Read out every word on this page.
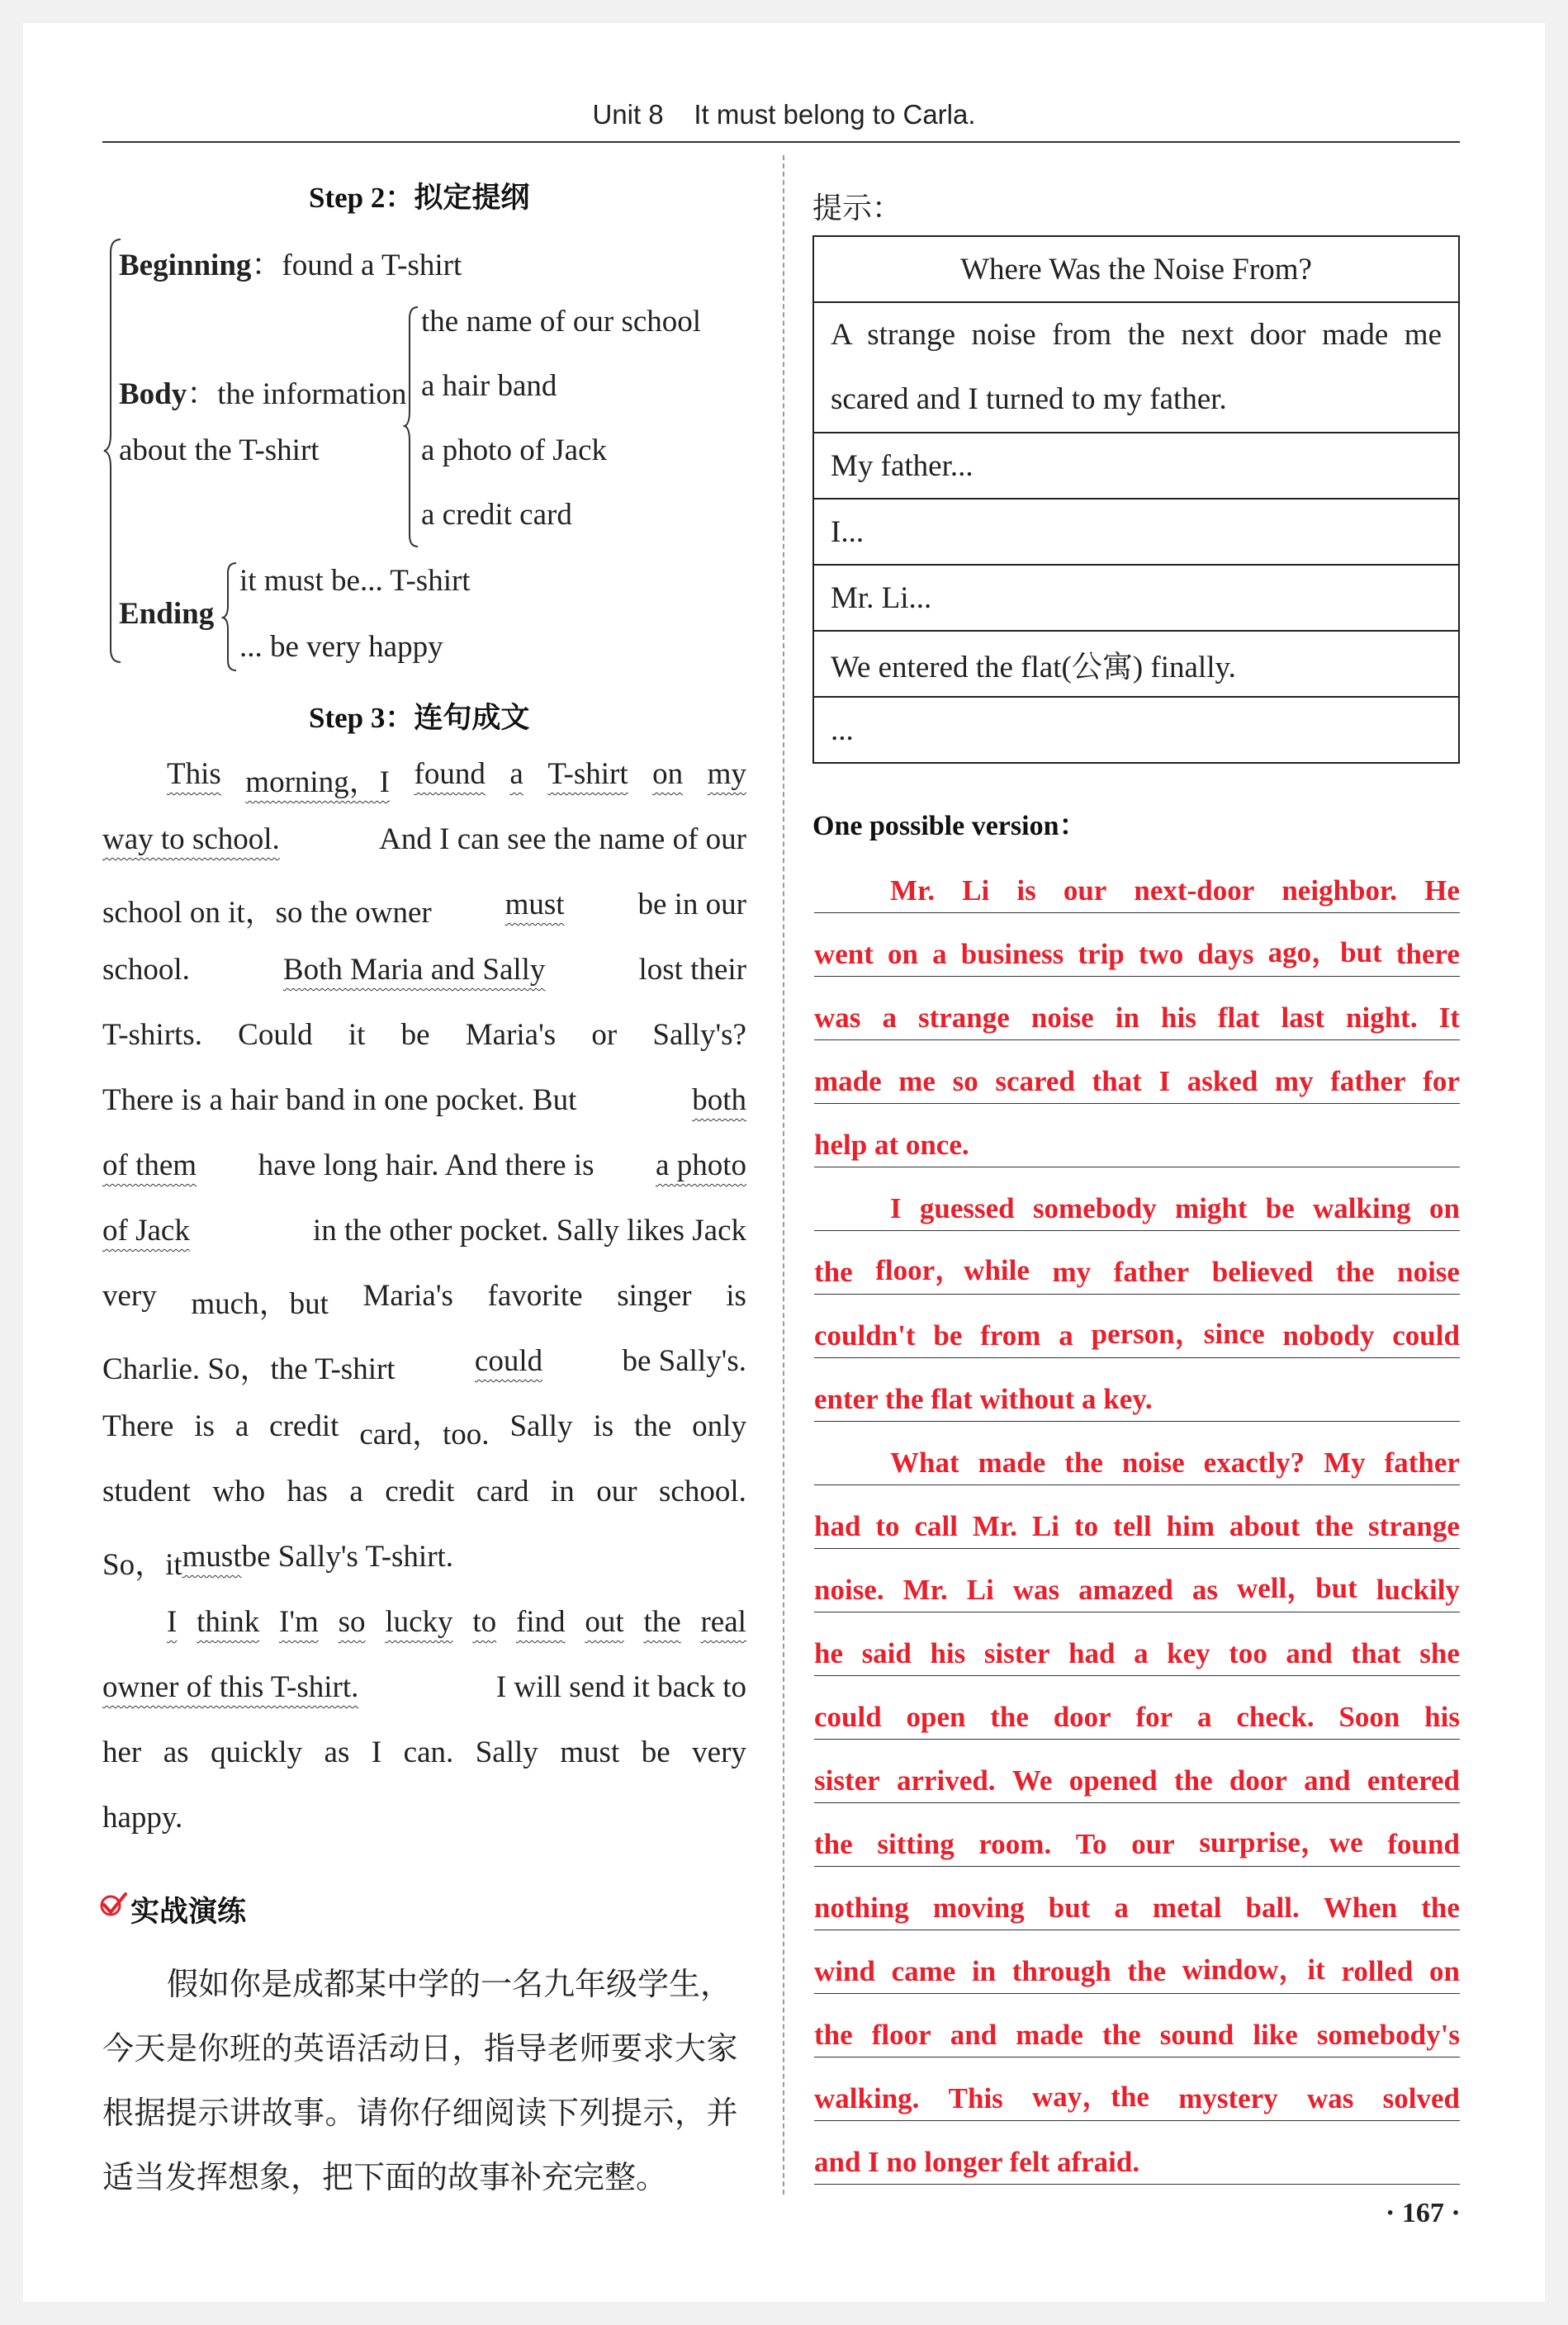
Unit 8 It must belong to Carla.
Step 2：拟定提纲
Beginning：found a T-shirt
Body：the information
about the T-shirt
the name of our school
a hair band
a photo of Jack
a credit card
Ending
it must be... T-shirt
... be very happy
Step 3：连句成文
This morning，I found a T-shirt on my
way to school.	And I can see the name of our
school on it，so the owner must be in our
school.	Both Maria and Sally	lost their
T-shirts. Could it be Maria's or Sally's?
There is a hair band in one pocket. But	both
of them have long hair. And there is a photo
of Jack	in the other pocket. Sally likes Jack
very much，but Maria's favorite singer is
Charlie. So，the T-shirt could be Sally's.
There is a credit card，too. Sally is the only
student who has a credit card in our school.
So，it must be Sally's T-shirt.
I think I'm so lucky to find out the real
owner of this T-shirt.	I will send it back to
her as quickly as I can. Sally must be very
happy.
实战演练
假如你是成都某中学的一名九年级学生，
今天是你班的英语活动日，指导老师要求大家
根据提示讲故事。请你仔细阅读下列提示，并
适当发挥想象，把下面的故事补充完整。
提示：
Where Was the Noise From?
A strange noise from the next door made me scared and I turned to my father.
My father...
I...
Mr. Li...
We entered the flat(公寓) finally.
...
One possible version：
Mr. Li is our next-door neighbor. He
went on a business trip two days ago，but there
was a strange noise in his flat last night. It
made me so scared that I asked my father for
help at once.
I guessed somebody might be walking on
the floor，while my father believed the noise
couldn't be from a person，since nobody could
enter the flat without a key.
What made the noise exactly? My father
had to call Mr. Li to tell him about the strange
noise. Mr. Li was amazed as well，but luckily
he said his sister had a key too and that she
could open the door for a check. Soon his
sister arrived. We opened the door and entered
the sitting room. To our surprise，we found
nothing moving but a metal ball. When the
wind came in through the window，it rolled on
the floor and made the sound like somebody's
walking. This way，the mystery was solved
and I no longer felt afraid.
· 167 ·
